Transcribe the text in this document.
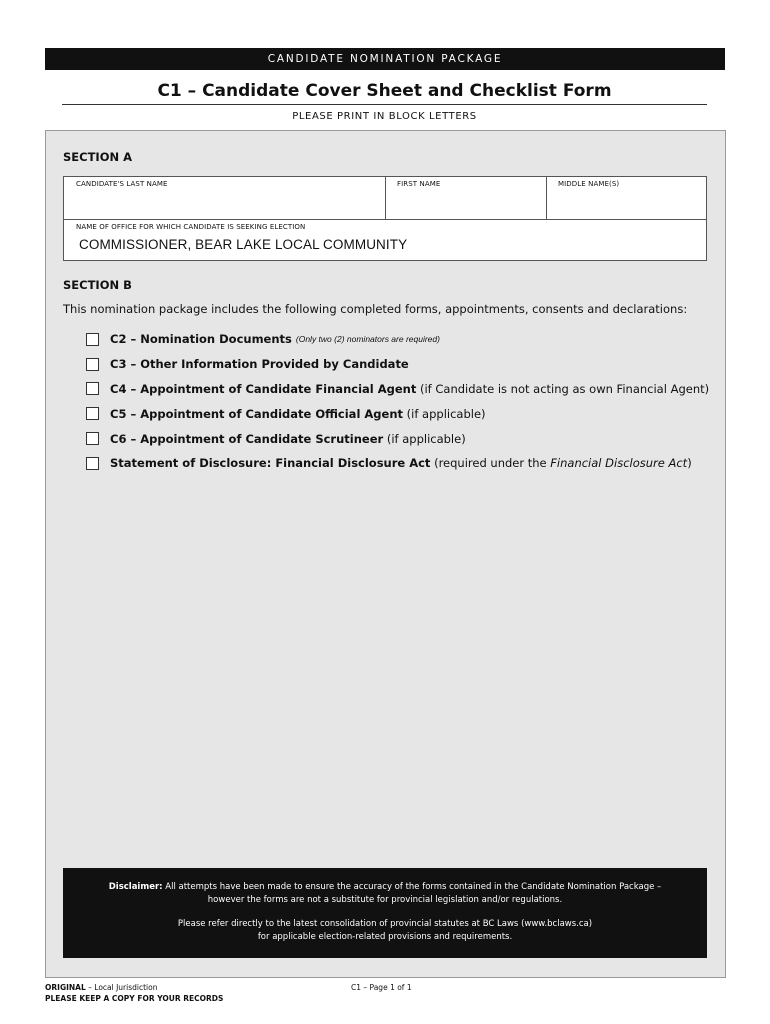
CANDIDATE NOMINATION PACKAGE
C1 – Candidate Cover Sheet and Checklist Form
PLEASE PRINT IN BLOCK LETTERS
SECTION A
CANDIDATE'S LAST NAME	FIRST NAME	MIDDLE NAME(S)
NAME OF OFFICE FOR WHICH CANDIDATE IS SEEKING ELECTION
COMMISSIONER, BEAR LAKE LOCAL COMMUNITY
SECTION B
This nomination package includes the following completed forms, appointments, consents and declarations:
C2 – Nomination Documents (Only two (2) nominators are required)
C3 – Other Information Provided by Candidate
C4 – Appointment of Candidate Financial Agent (if Candidate is not acting as own Financial Agent)
C5 – Appointment of Candidate Official Agent (if applicable)
C6 – Appointment of Candidate Scrutineer (if applicable)
Statement of Disclosure: Financial Disclosure Act (required under the Financial Disclosure Act )
Disclaimer: All attempts have been made to ensure the accuracy of the forms contained in the Candidate Nomination Package –
however the forms are not a substitute for provincial legislation and/or regulations.
Please refer directly to the latest consolidation of provincial statutes at BC Laws (www.bclaws.ca)
for applicable election-related provisions and requirements.
ORIGINAL – Local Jurisdiction
PLEASE KEEP A COPY FOR YOUR RECORDS
C1 – Page 1 of 1
